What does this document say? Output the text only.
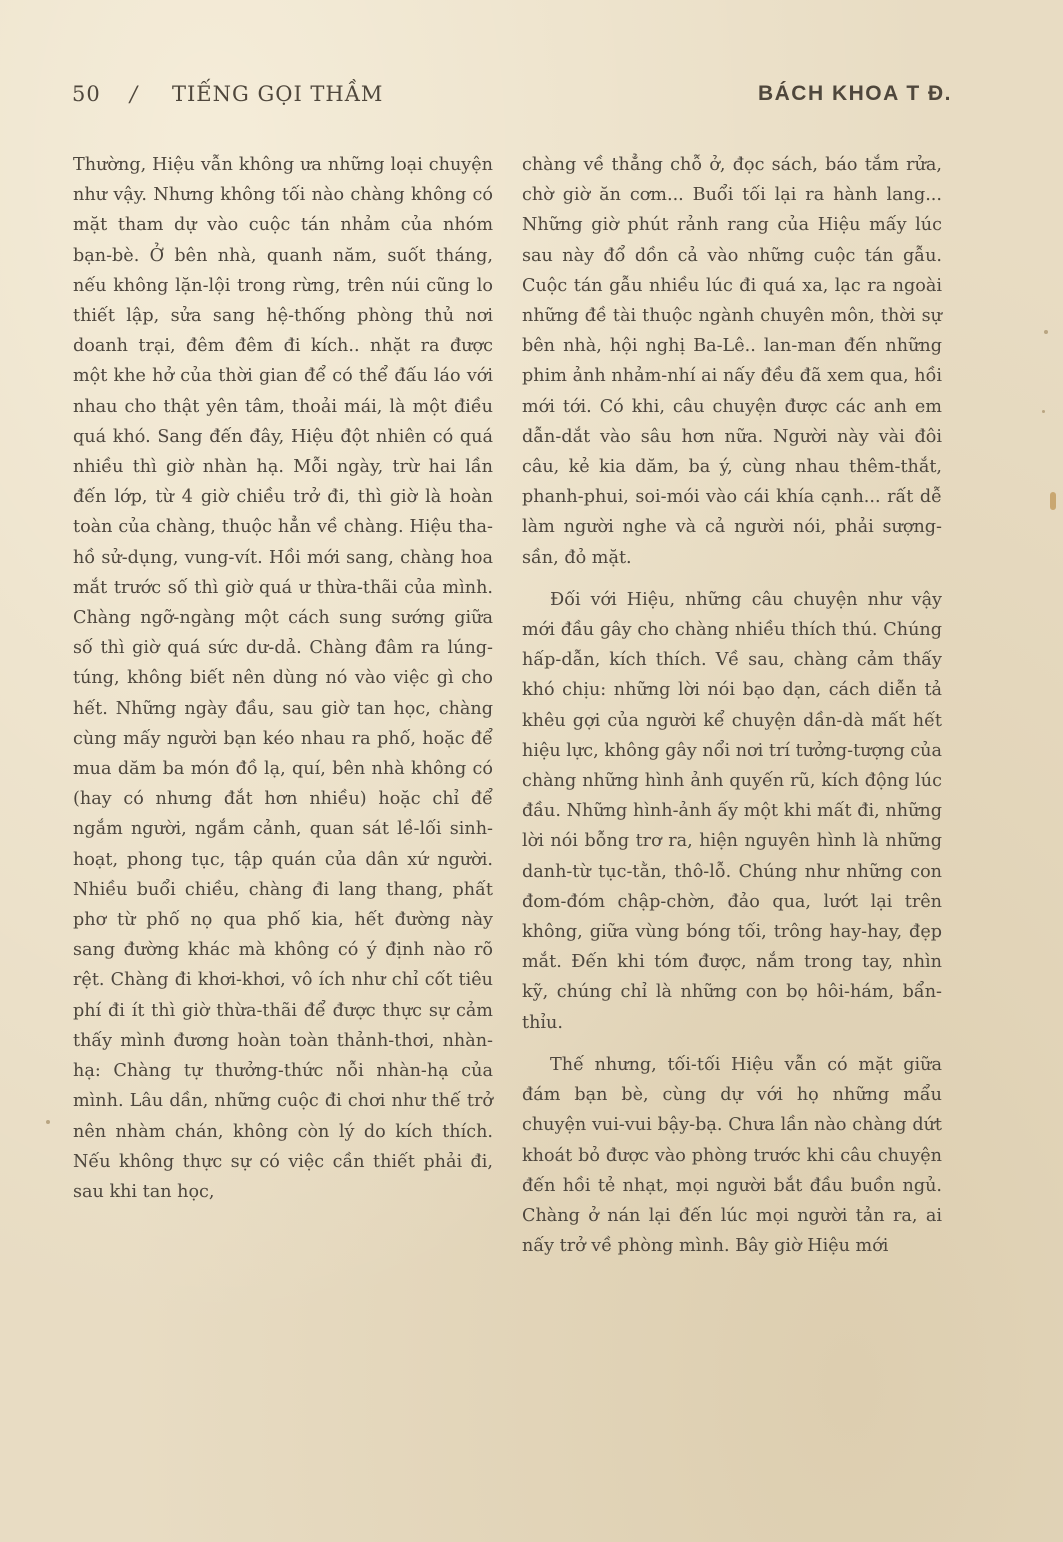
50 / TIẾNG GỌI THẦM	BÁCH KHOA T Đ.

Thường, Hiệu vẫn không ưa những loại chuyện như vậy. Nhưng không tối nào chàng không có mặt tham dự vào cuộc tán nhảm của nhóm bạn-bè. Ở bên nhà, quanh năm, suốt tháng, nếu không lặn-lội trong rừng, trên núi cũng lo thiết lập, sửa sang hệ-thống phòng thủ nơi doanh trại, đêm đêm đi kích.. nhặt ra được một khe hở của thời gian để có thể đấu láo với nhau cho thật yên tâm, thoải mái, là một điều quá khó. Sang đến đây, Hiệu đột nhiên có quá nhiều thì giờ nhàn hạ. Mỗi ngày, trừ hai lần đến lớp, từ 4 giờ chiều trở đi, thì giờ là hoàn toàn của chàng, thuộc hẳn về chàng. Hiệu tha-hồ sử-dụng, vung-vít. Hồi mới sang, chàng hoa mắt trước số thì giờ quá ư thừa-thãi của mình. Chàng ngỡ-ngàng một cách sung sướng giữa số thì giờ quá sức dư-dả. Chàng đâm ra lúng-túng, không biết nên dùng nó vào việc gì cho hết. Những ngày đầu, sau giờ tan học, chàng cùng mấy người bạn kéo nhau ra phố, hoặc để mua dăm ba món đồ lạ, quí, bên nhà không có (hay có nhưng đắt hơn nhiều) hoặc chỉ để ngắm người, ngắm cảnh, quan sát lề-lối sinh-hoạt, phong tục, tập quán của dân xứ người. Nhiều buổi chiều, chàng đi lang thang, phất phơ từ phố nọ qua phố kia, hết đường này sang đường khác mà không có ý định nào rõ rệt. Chàng đi khơi-khơi, vô ích như chỉ cốt tiêu phí đi ít thì giờ thừa-thãi để được thực sự cảm thấy mình đương hoàn toàn thảnh-thơi, nhàn-hạ: Chàng tự thưởng-thức nỗi nhàn-hạ của mình. Lâu dần, những cuộc đi chơi như thế trở nên nhàm chán, không còn lý do kích thích. Nếu không thực sự có việc cần thiết phải đi, sau khi tan học,

chàng về thẳng chỗ ở, đọc sách, báo tắm rửa, chờ giờ ăn cơm... Buổi tối lại ra hành lang... Những giờ phút rảnh rang của Hiệu mấy lúc sau này đổ dồn cả vào những cuộc tán gẫu. Cuộc tán gẫu nhiều lúc đi quá xa, lạc ra ngoài những đề tài thuộc ngành chuyên môn, thời sự bên nhà, hội nghị Ba-Lê.. lan-man đến những phim ảnh nhảm-nhí ai nấy đều đã xem qua, hồi mới tới. Có khi, câu chuyện được các anh em dẫn-dắt vào sâu hơn nữa. Người này vài đôi câu, kẻ kia dăm, ba ý, cùng nhau thêm-thắt, phanh-phui, soi-mói vào cái khía cạnh... rất dễ làm người nghe và cả người nói, phải sượng-sần, đỏ mặt.

Đối với Hiệu, những câu chuyện như vậy mới đầu gây cho chàng nhiều thích thú. Chúng hấp-dẫn, kích thích. Về sau, chàng cảm thấy khó chịu: những lời nói bạo dạn, cách diễn tả khêu gợi của người kể chuyện dần-dà mất hết hiệu lực, không gây nổi nơi trí tưởng-tượng của chàng những hình ảnh quyến rũ, kích động lúc đầu. Những hình-ảnh ấy một khi mất đi, những lời nói bỗng trơ ra, hiện nguyên hình là những danh-từ tục-tằn, thô-lỗ. Chúng như những con đom-đóm chập-chờn, đảo qua, lướt lại trên không, giữa vùng bóng tối, trông hay-hay, đẹp mắt. Đến khi tóm được, nắm trong tay, nhìn kỹ, chúng chỉ là những con bọ hôi-hám, bẩn-thỉu.

Thế nhưng, tối-tối Hiệu vẫn có mặt giữa đám bạn bè, cùng dự với họ những mẩu chuyện vui-vui bậy-bạ. Chưa lần nào chàng dứt khoát bỏ được vào phòng trước khi câu chuyện đến hồi tẻ nhạt, mọi người bắt đầu buồn ngủ. Chàng ở nán lại đến lúc mọi người tản ra, ai nấy trở về phòng mình. Bây giờ Hiệu mới
